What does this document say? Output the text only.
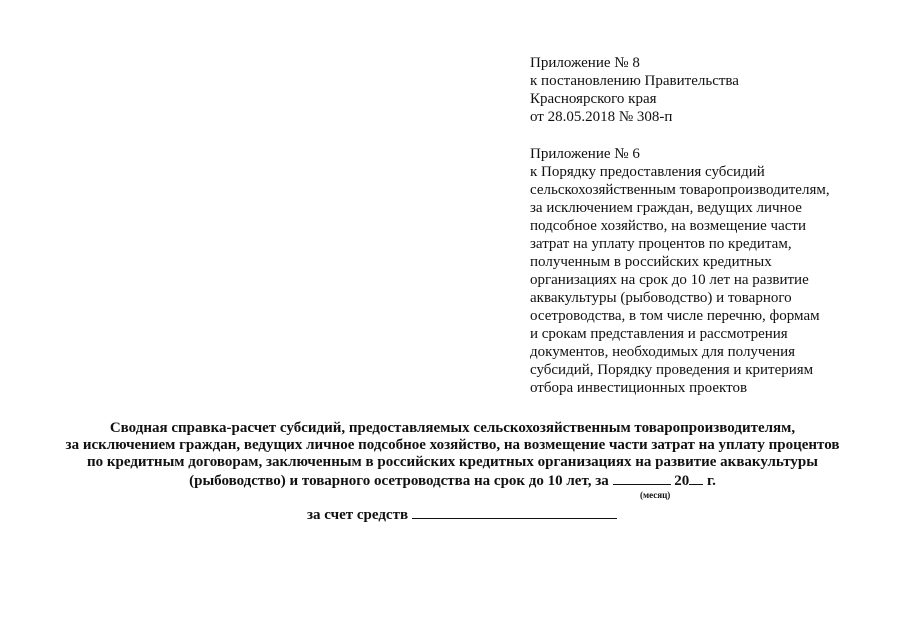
Приложение № 8
к постановлению Правительства
Красноярского края
от 28.05.2018 № 308-п
Приложение № 6
к Порядку предоставления субсидий
сельскохозяйственным товаропроизводителям,
за исключением граждан, ведущих личное
подсобное хозяйство, на возмещение части
затрат на уплату процентов по кредитам,
полученным в российских кредитных
организациях на срок до 10 лет на развитие
аквакультуры (рыбоводство) и товарного
осетроводства, в том числе перечню, формам
и срокам представления и рассмотрения
документов, необходимых для получения
субсидий, Порядку проведения и критериям
отбора инвестиционных проектов
Сводная справка-расчет субсидий, предоставляемых сельскохозяйственным товаропроизводителям,
за исключением граждан, ведущих личное подсобное хозяйство, на возмещение части затрат на уплату процентов
по кредитным договорам, заключенным в российских кредитных организациях на развитие аквакультуры
(рыбоводство) и товарного осетроводства на срок до 10 лет, за	20 г.
(месяц)
за счет средств
